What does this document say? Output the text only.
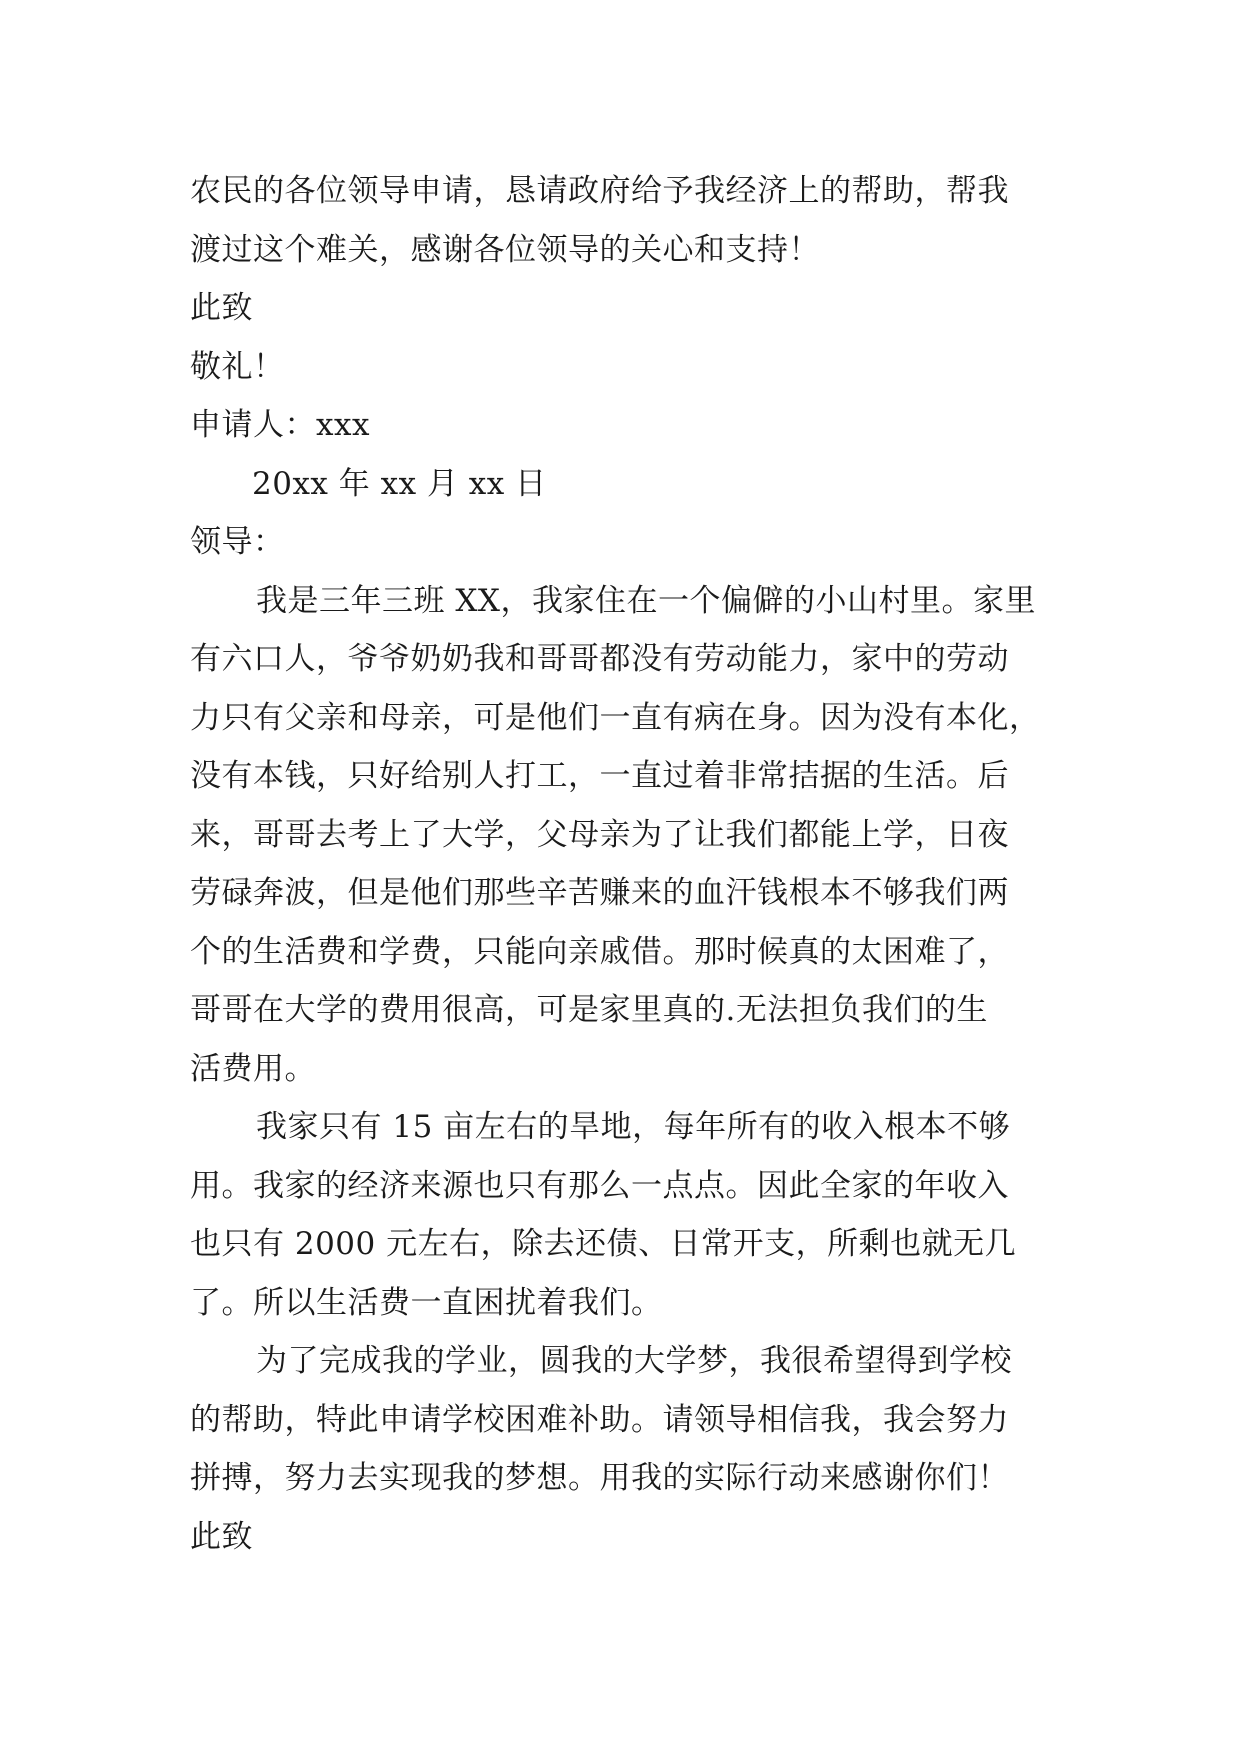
农民的各位领导申请，恳请政府给予我经济上的帮助，帮我
渡过这个难关，感谢各位领导的关心和支持！
此致
敬礼！
申请人：xxx
20xx 年 xx 月 xx 日
领导：
我是三年三班 XX，我家住在一个偏僻的小山村里。家里
有六口人，爷爷奶奶我和哥哥都没有劳动能力，家中的劳动
力只有父亲和母亲，可是他们一直有病在身。因为没有本化，
没有本钱，只好给别人打工，一直过着非常拮据的生活。后
来，哥哥去考上了大学，父母亲为了让我们都能上学，日夜
劳碌奔波，但是他们那些辛苦赚来的血汗钱根本不够我们两
个的生活费和学费，只能向亲戚借。那时候真的太困难了，
哥哥在大学的费用很高，可是家里真的.无法担负我们的生
活费用。
我家只有 15 亩左右的旱地，每年所有的收入根本不够
用。我家的经济来源也只有那么一点点。因此全家的年收入
也只有 2000 元左右，除去还债、日常开支，所剩也就无几
了。所以生活费一直困扰着我们。
为了完成我的学业，圆我的大学梦，我很希望得到学校
的帮助，特此申请学校困难补助。请领导相信我，我会努力
拼搏，努力去实现我的梦想。用我的实际行动来感谢你们！
此致
